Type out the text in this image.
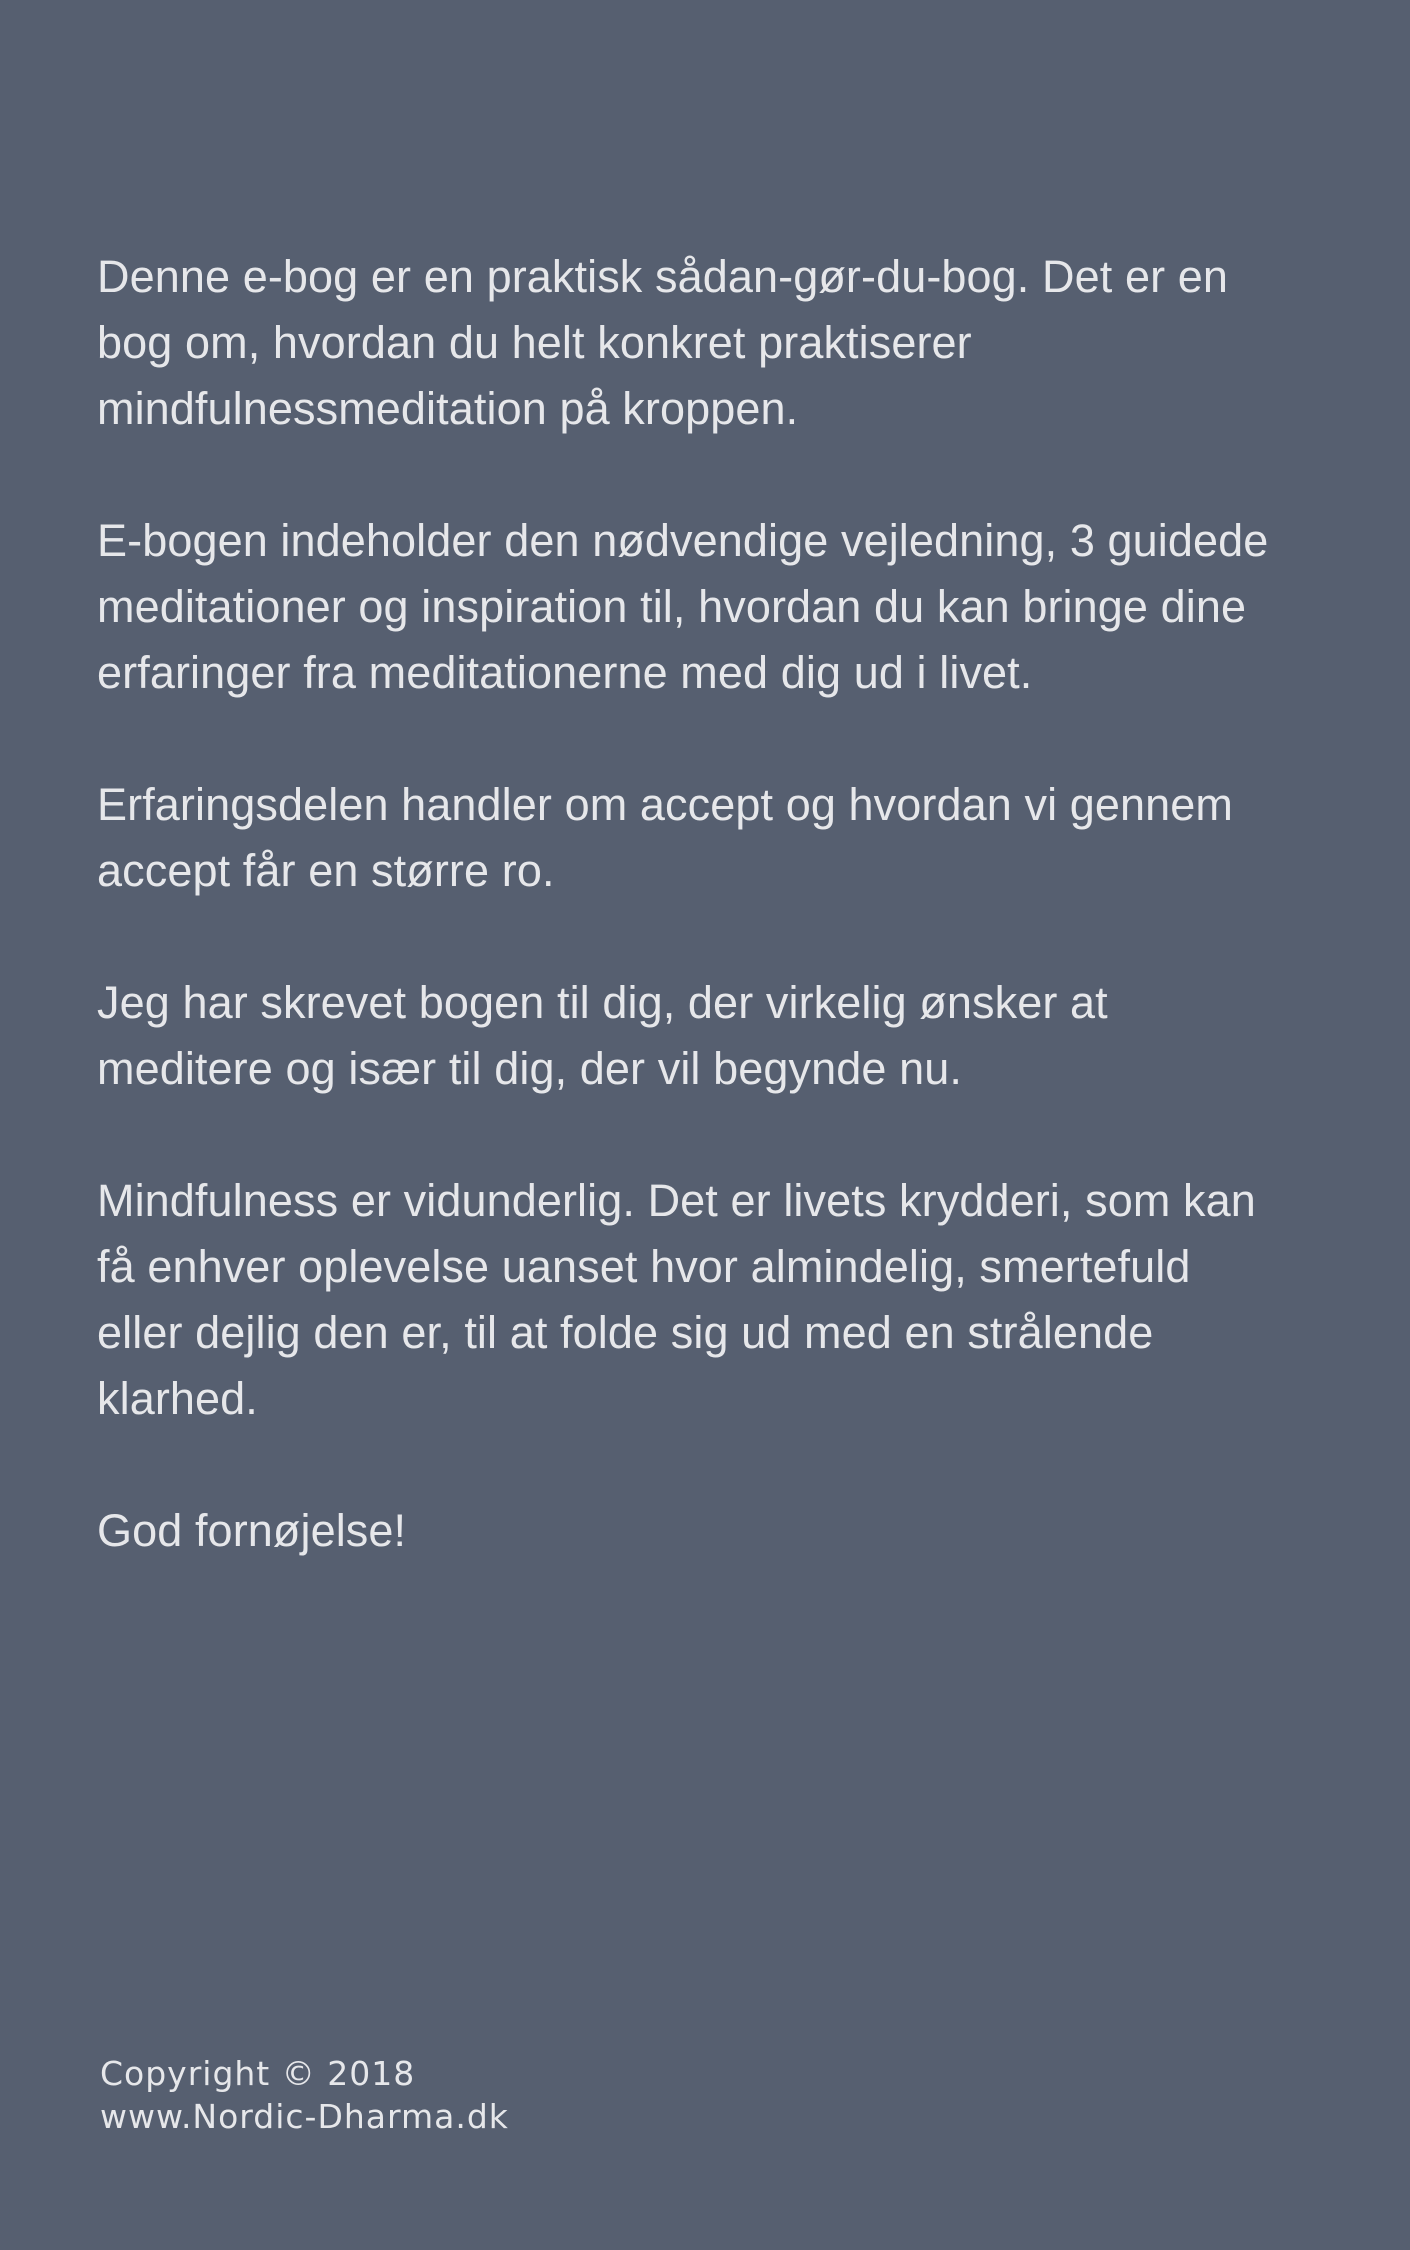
Denne e-bog er en praktisk sådan-gør-du-bog. Det er en bog om, hvordan du helt konkret praktiserer mindfulnessmeditation på kroppen.

E-bogen indeholder den nødvendige vejledning, 3 guidede meditationer og inspiration til, hvordan du kan bringe dine erfaringer fra meditationerne med dig ud i livet.

Erfaringsdelen handler om accept og hvordan vi gennem accept får en større ro.

Jeg har skrevet bogen til dig, der virkelig ønsker at meditere og især til dig, der vil begynde nu.

Mindfulness er vidunderlig. Det er livets krydderi, som kan få enhver oplevelse uanset hvor almindelig, smertefuld eller dejlig den er, til at folde sig ud med en strålende klarhed.

God fornøjelse!

Copyright © 2018
www.Nordic-Dharma.dk
